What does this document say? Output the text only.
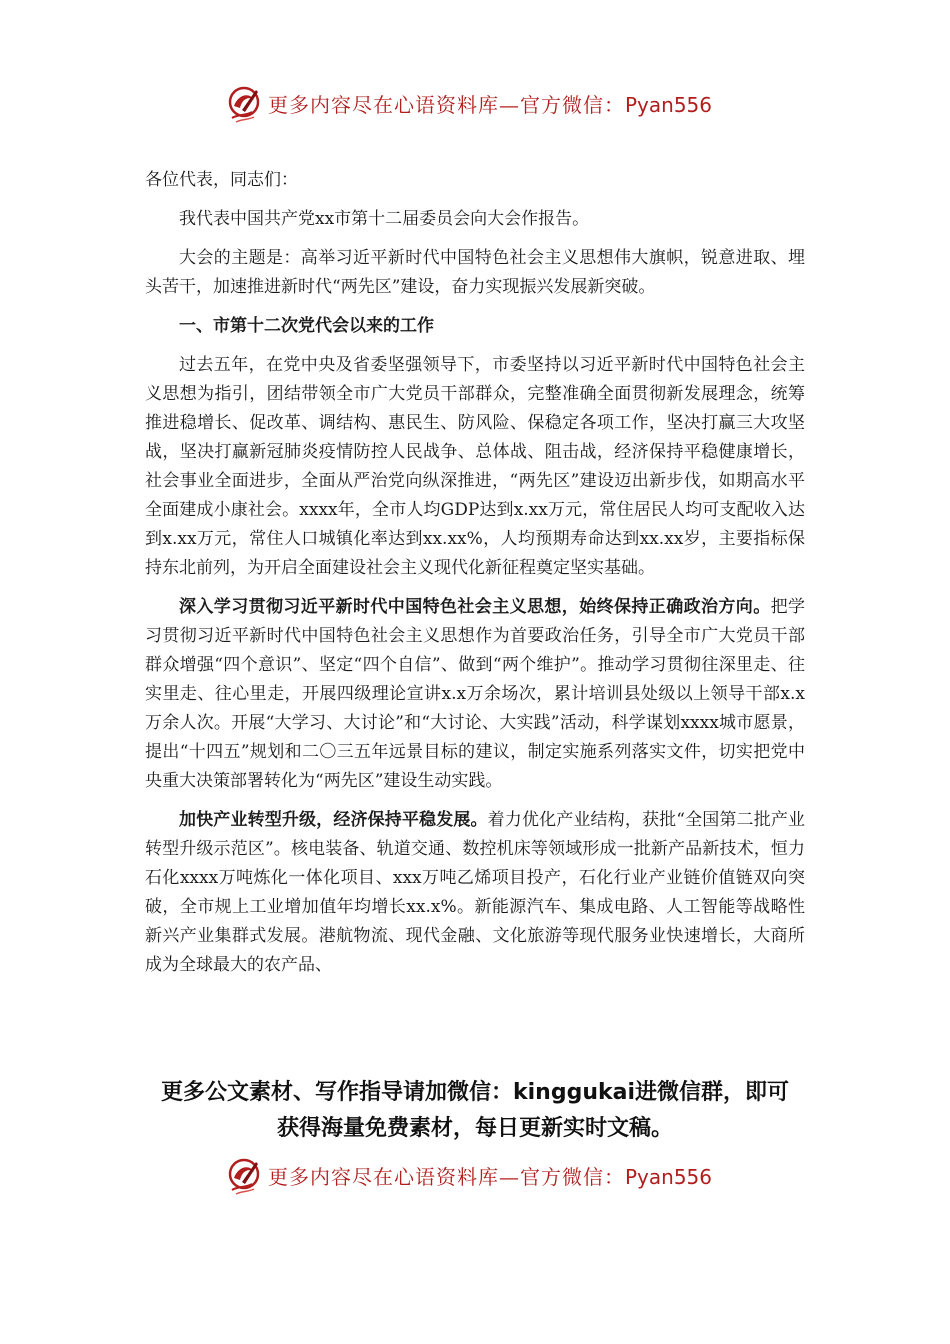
更多内容尽在心语资料库—官方微信：Pyan556

各位代表，同志们：

我代表中国共产党xx市第十二届委员会向大会作报告。

大会的主题是：高举习近平新时代中国特色社会主义思想伟大旗帜，锐意进取、埋头苦干，加速推进新时代“两先区”建设，奋力实现振兴发展新突破。

一、市第十二次党代会以来的工作

过去五年，在党中央及省委坚强领导下，市委坚持以习近平新时代中国特色社会主义思想为指引，团结带领全市广大党员干部群众，完整准确全面贯彻新发展理念，统筹推进稳增长、促改革、调结构、惠民生、防风险、保稳定各项工作，坚决打赢三大攻坚战，坚决打赢新冠肺炎疫情防控人民战争、总体战、阻击战，经济保持平稳健康增长，社会事业全面进步，全面从严治党向纵深推进，“两先区”建设迈出新步伐，如期高水平全面建成小康社会。xxxx年，全市人均GDP达到x.xx万元，常住居民人均可支配收入达到x.xx万元，常住人口城镇化率达到xx.xx%，人均预期寿命达到xx.xx岁，主要指标保持东北前列，为开启全面建设社会主义现代化新征程奠定坚实基础。

深入学习贯彻习近平新时代中国特色社会主义思想，始终保持正确政治方向。把学习贯彻习近平新时代中国特色社会主义思想作为首要政治任务，引导全市广大党员干部群众增强“四个意识”、坚定“四个自信”、做到“两个维护”。推动学习贯彻往深里走、往实里走、往心里走，开展四级理论宣讲x.x万余场次，累计培训县处级以上领导干部x.x万余人次。开展“大学习、大讨论”和“大讨论、大实践”活动，科学谋划xxxx城市愿景，提出“十四五”规划和二〇三五年远景目标的建议，制定实施系列落实文件，切实把党中央重大决策部署转化为“两先区”建设生动实践。

加快产业转型升级，经济保持平稳发展。着力优化产业结构，获批“全国第二批产业转型升级示范区”。核电装备、轨道交通、数控机床等领域形成一批新产品新技术，恒力石化xxxx万吨炼化一体化项目、xxx万吨乙烯项目投产，石化行业产业链价值链双向突破，全市规上工业增加值年均增长xx.x%。新能源汽车、集成电路、人工智能等战略性新兴产业集群式发展。港航物流、现代金融、文化旅游等现代服务业快速增长，大商所成为全球最大的农产品、

更多公文素材、写作指导请加微信：kinggukai进微信群，即可
获得海量免费素材，每日更新实时文稿。
更多内容尽在心语资料库—官方微信：Pyan556
